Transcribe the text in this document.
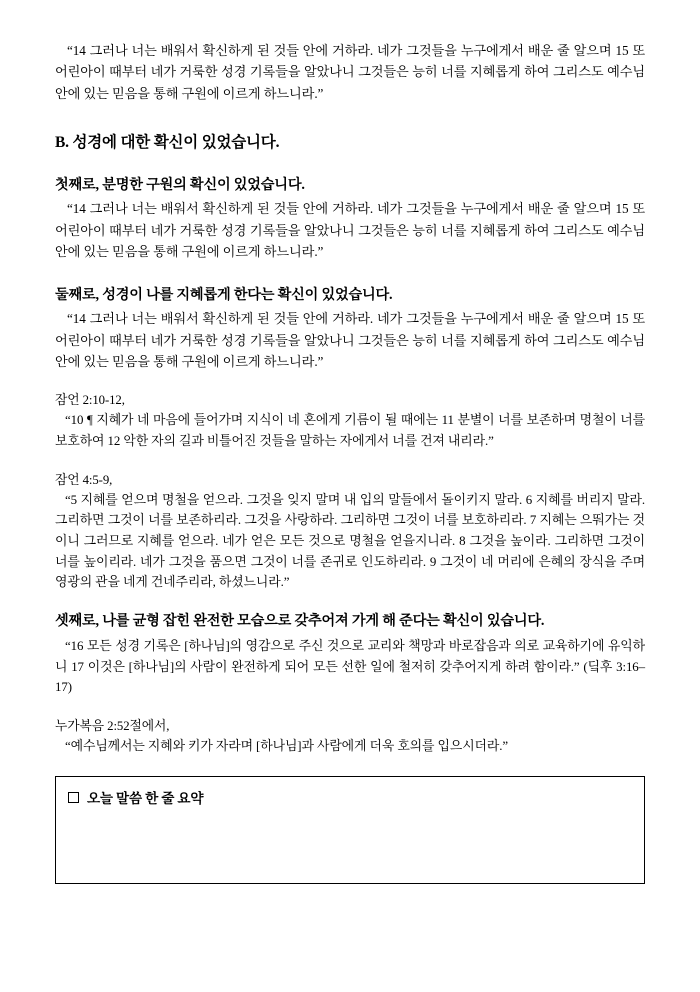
“14 그러나 너는 배워서 확신하게 된 것들 안에 거하라. 네가 그것들을 누구에게서 배운 줄 알으며 15 또 어린아이 때부터 네가 거룩한 성경 기록들을 알았나니 그것들은 능히 너를 지혜롭게 하여 그리스도 예수님 안에 있는 믿음을 통해 구원에 이르게 하느니라.”

B. 성경에 대한 확신이 있었습니다.
첫째로, 분명한 구원의 확신이 있었습니다.

“14 그러나 너는 배워서 확신하게 된 것들 안에 거하라. 네가 그것들을 누구에게서 배운 줄 알으며 15 또 어린아이 때부터 네가 거룩한 성경 기록들을 알았나니 그것들은 능히 너를 지혜롭게 하여 그리스도 예수님 안에 있는 믿음을 통해 구원에 이르게 하느니라.”

둘째로, 성경이 나를 지혜롭게 한다는 확신이 있었습니다.

“14 그러나 너는 배워서 확신하게 된 것들 안에 거하라. 네가 그것들을 누구에게서 배운 줄 알으며 15 또 어린아이 때부터 네가 거룩한 성경 기록들을 알았나니 그것들은 능히 너를 지혜롭게 하여 그리스도 예수님 안에 있는 믿음을 통해 구원에 이르게 하느니라.”

잠언 2:10-12,

“10 ¶ 지혜가 네 마음에 들어가며 지식이 네 혼에게 기름이 될 때에는 11 분별이 너를 보존하며 명철이 너를 보호하여 12 악한 자의 길과 비틀어진 것들을 말하는 자에게서 너를 건져 내리라.”

잠언 4:5-9,

“5 지혜를 얻으며 명철을 얻으라. 그것을 잊지 말며 내 입의 말들에서 돌이키지 말라. 6 지혜를 버리지 말라. 그리하면 그것이 너를 보존하리라. 그것을 사랑하라. 그리하면 그것이 너를 보호하리라. 7 지혜는 으뚸가는 것이니 그러므로 지혜를 얻으라. 네가 얻은 모든 것으로 명철을 얻을지니라. 8 그것을 높이라. 그리하면 그것이 너를 높이리라. 네가 그것을 품으면 그것이 너를 존귀로 인도하리라. 9 그것이 네 머리에 은혜의 장식을 주며 영광의 관을 네게 건네주리라, 하셨느니라.”

셋째로, 나를 균형 잡힌 완전한 모습으로 갖추어져 가게 해 준다는 확신이 있습니다.

“16 모든 성경 기록은 [하나님]의 영감으로 주신 것으로 교리와 책망과 바로잡음과 의로 교육하기에 유익하니 17 이것은 [하나님]의 사람이 완전하게 되어 모든 선한 일에 철저히 갖추어지게 하려 함이라.” (딬후 3:16–17)

누가복음 2:52절에서,

“예수님께서는 지혜와 키가 자라며 [하나님]과 사람에게 더욱 호의를 입으시더라.”

오늘 말씀 한 줄 요약
